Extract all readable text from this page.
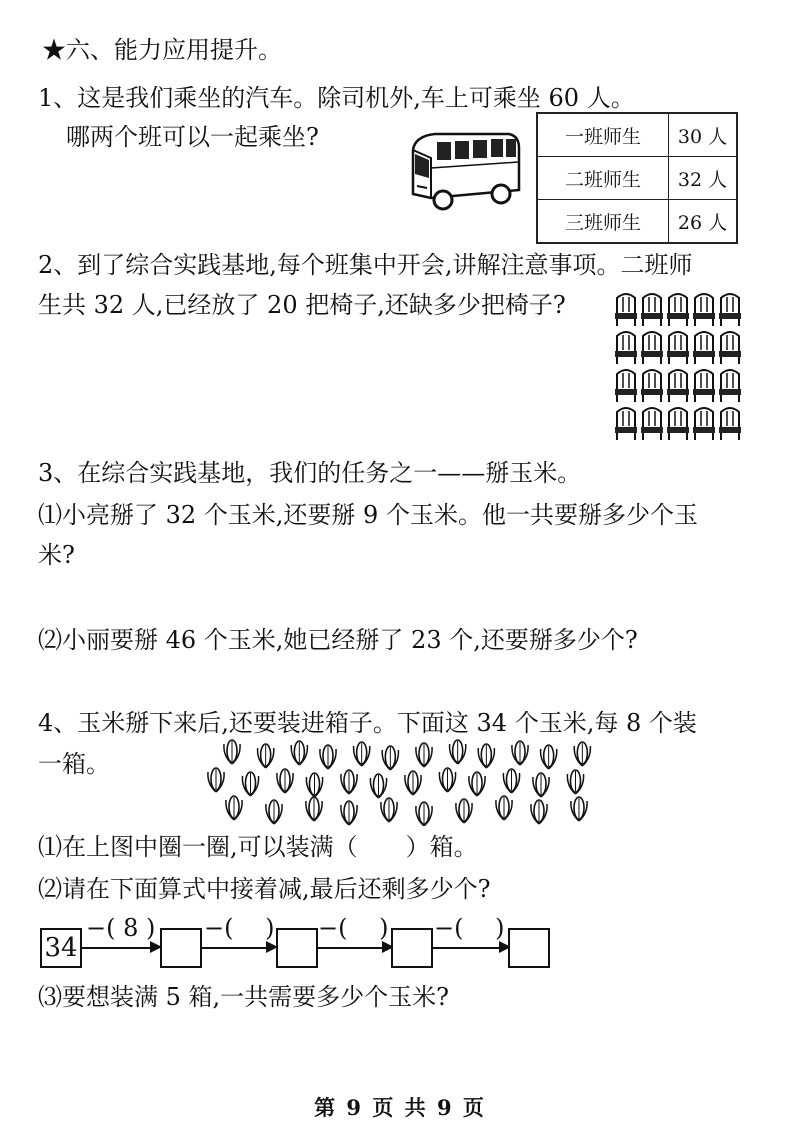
★六、能力应用提升。
1、这是我们乘坐的汽车。除司机外,车上可乘坐 60 人。
哪两个班可以一起乘坐?	一班师生	30 人
二班师生	32 人
三班师生	26 人
2、到了综合实践基地,每个班集中开会,讲解注意事项。二班师
生共 32 人,已经放了 20 把椅子,还缺多少把椅子?
3、在综合实践基地，我们的任务之一——掰玉米。
⑴小亮掰了 32 个玉米,还要掰 9 个玉米。他一共要掰多少个玉
米?
⑵小丽要掰 46 个玉米,她已经掰了 23 个,还要掰多少个?
4、玉米掰下来后,还要装进箱子。下面这 34 个玉米,每 8 个装
一箱。
⑴在上图中圈一圈,可以装满（　　）箱。
⑵请在下面算式中接着减,最后还剩多少个?
34
−( 8 ) −(　 ) −(　 ) −(　 )
⑶要想装满 5 箱,一共需要多少个玉米?
第 9 页 共 9 页
